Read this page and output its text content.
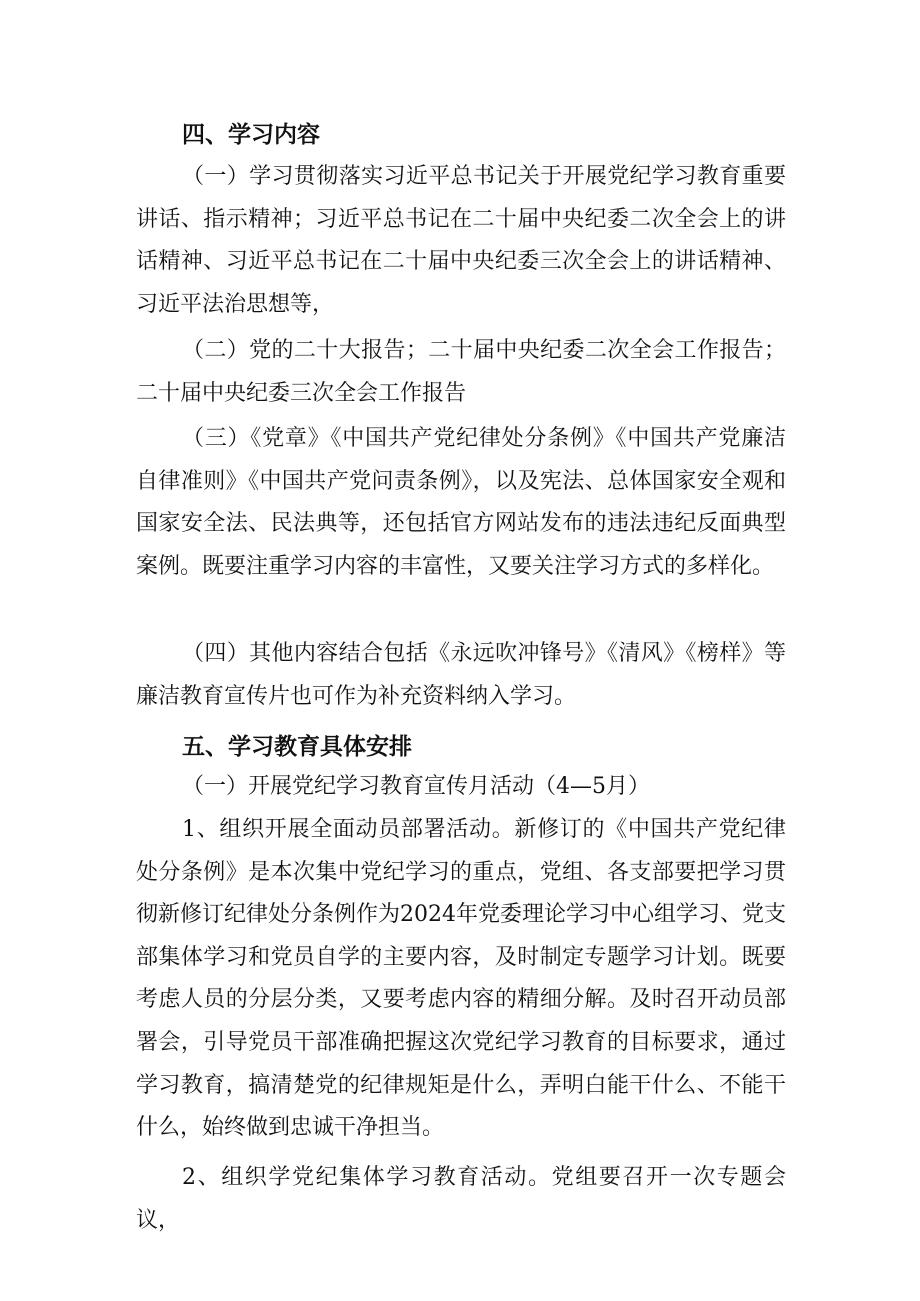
四、学习内容

（一）学习贯彻落实习近平总书记关于开展党纪学习教育重要讲话、指示精神；习近平总书记在二十届中央纪委二次全会上的讲话精神、习近平总书记在二十届中央纪委三次全会上的讲话精神、习近平法治思想等，

（二）党的二十大报告；二十届中央纪委二次全会工作报告；二十届中央纪委三次全会工作报告

（三）《党章》《中国共产党纪律处分条例》《中国共产党廉洁自律准则》《中国共产党问责条例》，以及宪法、总体国家安全观和国家安全法、民法典等，还包括官方网站发布的违法违纪反面典型案例。既要注重学习内容的丰富性，又要关注学习方式的多样化。

（四）其他内容结合包括《永远吹冲锋号》《清风》《榜样》等廉洁教育宣传片也可作为补充资料纳入学习。

五、学习教育具体安排
（一）开展党纪学习教育宣传月活动（4—5月）

1、组织开展全面动员部署活动。新修订的《中国共产党纪律处分条例》是本次集中党纪学习的重点，党组、各支部要把学习贯彻新修订纪律处分条例作为2024年党委理论学习中心组学习、党支部集体学习和党员自学的主要内容，及时制定专题学习计划。既要考虑人员的分层分类，又要考虑内容的精细分解。及时召开动员部署会，引导党员干部准确把握这次党纪学习教育的目标要求，通过学习教育，搞清楚党的纪律规矩是什么，弄明白能干什么、不能干什么，始终做到忠诚干净担当。

2、组织学党纪集体学习教育活动。党组要召开一次专题会议，
